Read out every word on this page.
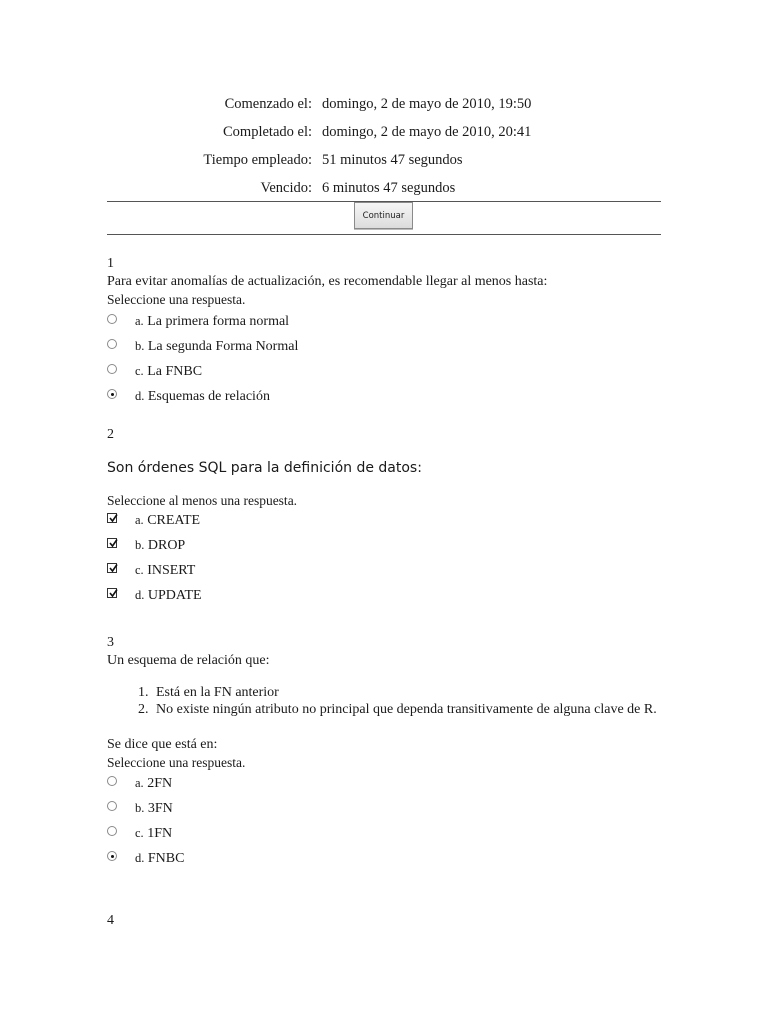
Comenzado el: domingo, 2 de mayo de 2010, 19:50
Completado el: domingo, 2 de mayo de 2010, 20:41
Tiempo empleado: 51 minutos 47 segundos
Vencido: 6 minutos 47 segundos
Continuar
1
Para evitar anomalías de actualización, es recomendable llegar al menos hasta:
Seleccione una respuesta.
a. La primera forma normal
b. La segunda Forma Normal
c. La FNBC
d. Esquemas de relación
2
Son órdenes SQL para la definición de datos:
Seleccione al menos una respuesta.
a. CREATE
b. DROP
c. INSERT
d. UPDATE
3
Un esquema de relación que:
1. Está en la FN anterior
2. No existe ningún atributo no principal que dependa transitivamente de alguna clave de R.
Se dice que está en:
Seleccione una respuesta.
a. 2FN
b. 3FN
c. 1FN
d. FNBC
4
